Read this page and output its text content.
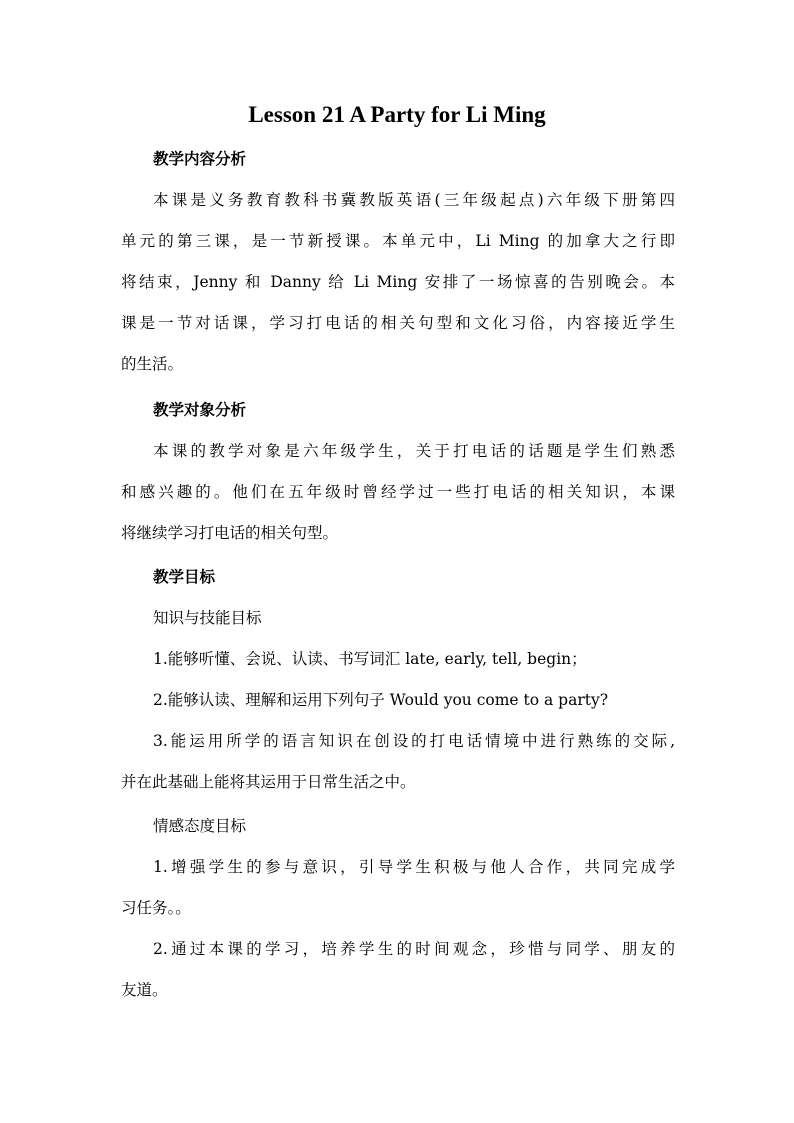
Lesson 21 A Party for Li Ming

教学内容分析

本课是义务教育教科书冀教版英语(三年级起点)六年级下册第四

单元的第三课，是一节新授课。本单元中，Li Ming 的加拿大之行即

将结束，Jenny 和 Danny 给 Li Ming 安排了一场惊喜的告别晚会。本

课是一节对话课，学习打电话的相关句型和文化习俗，内容接近学生

的生活。

教学对象分析

本课的教学对象是六年级学生，关于打电话的话题是学生们熟悉

和感兴趣的。他们在五年级时曾经学过一些打电话的相关知识，本课

将继续学习打电话的相关句型。

教学目标

知识与技能目标

1.能够听懂、会说、认读、书写词汇 late, early, tell, begin；

2.能够认读、理解和运用下列句子 Would you come to a party?

3.能运用所学的语言知识在创设的打电话情境中进行熟练的交际,

并在此基础上能将其运用于日常生活之中。

情感态度目标

1.增强学生的参与意识，引导学生积极与他人合作，共同完成学

习任务。。

2.通过本课的学习，培养学生的时间观念，珍惜与同学、朋友的

友道。
